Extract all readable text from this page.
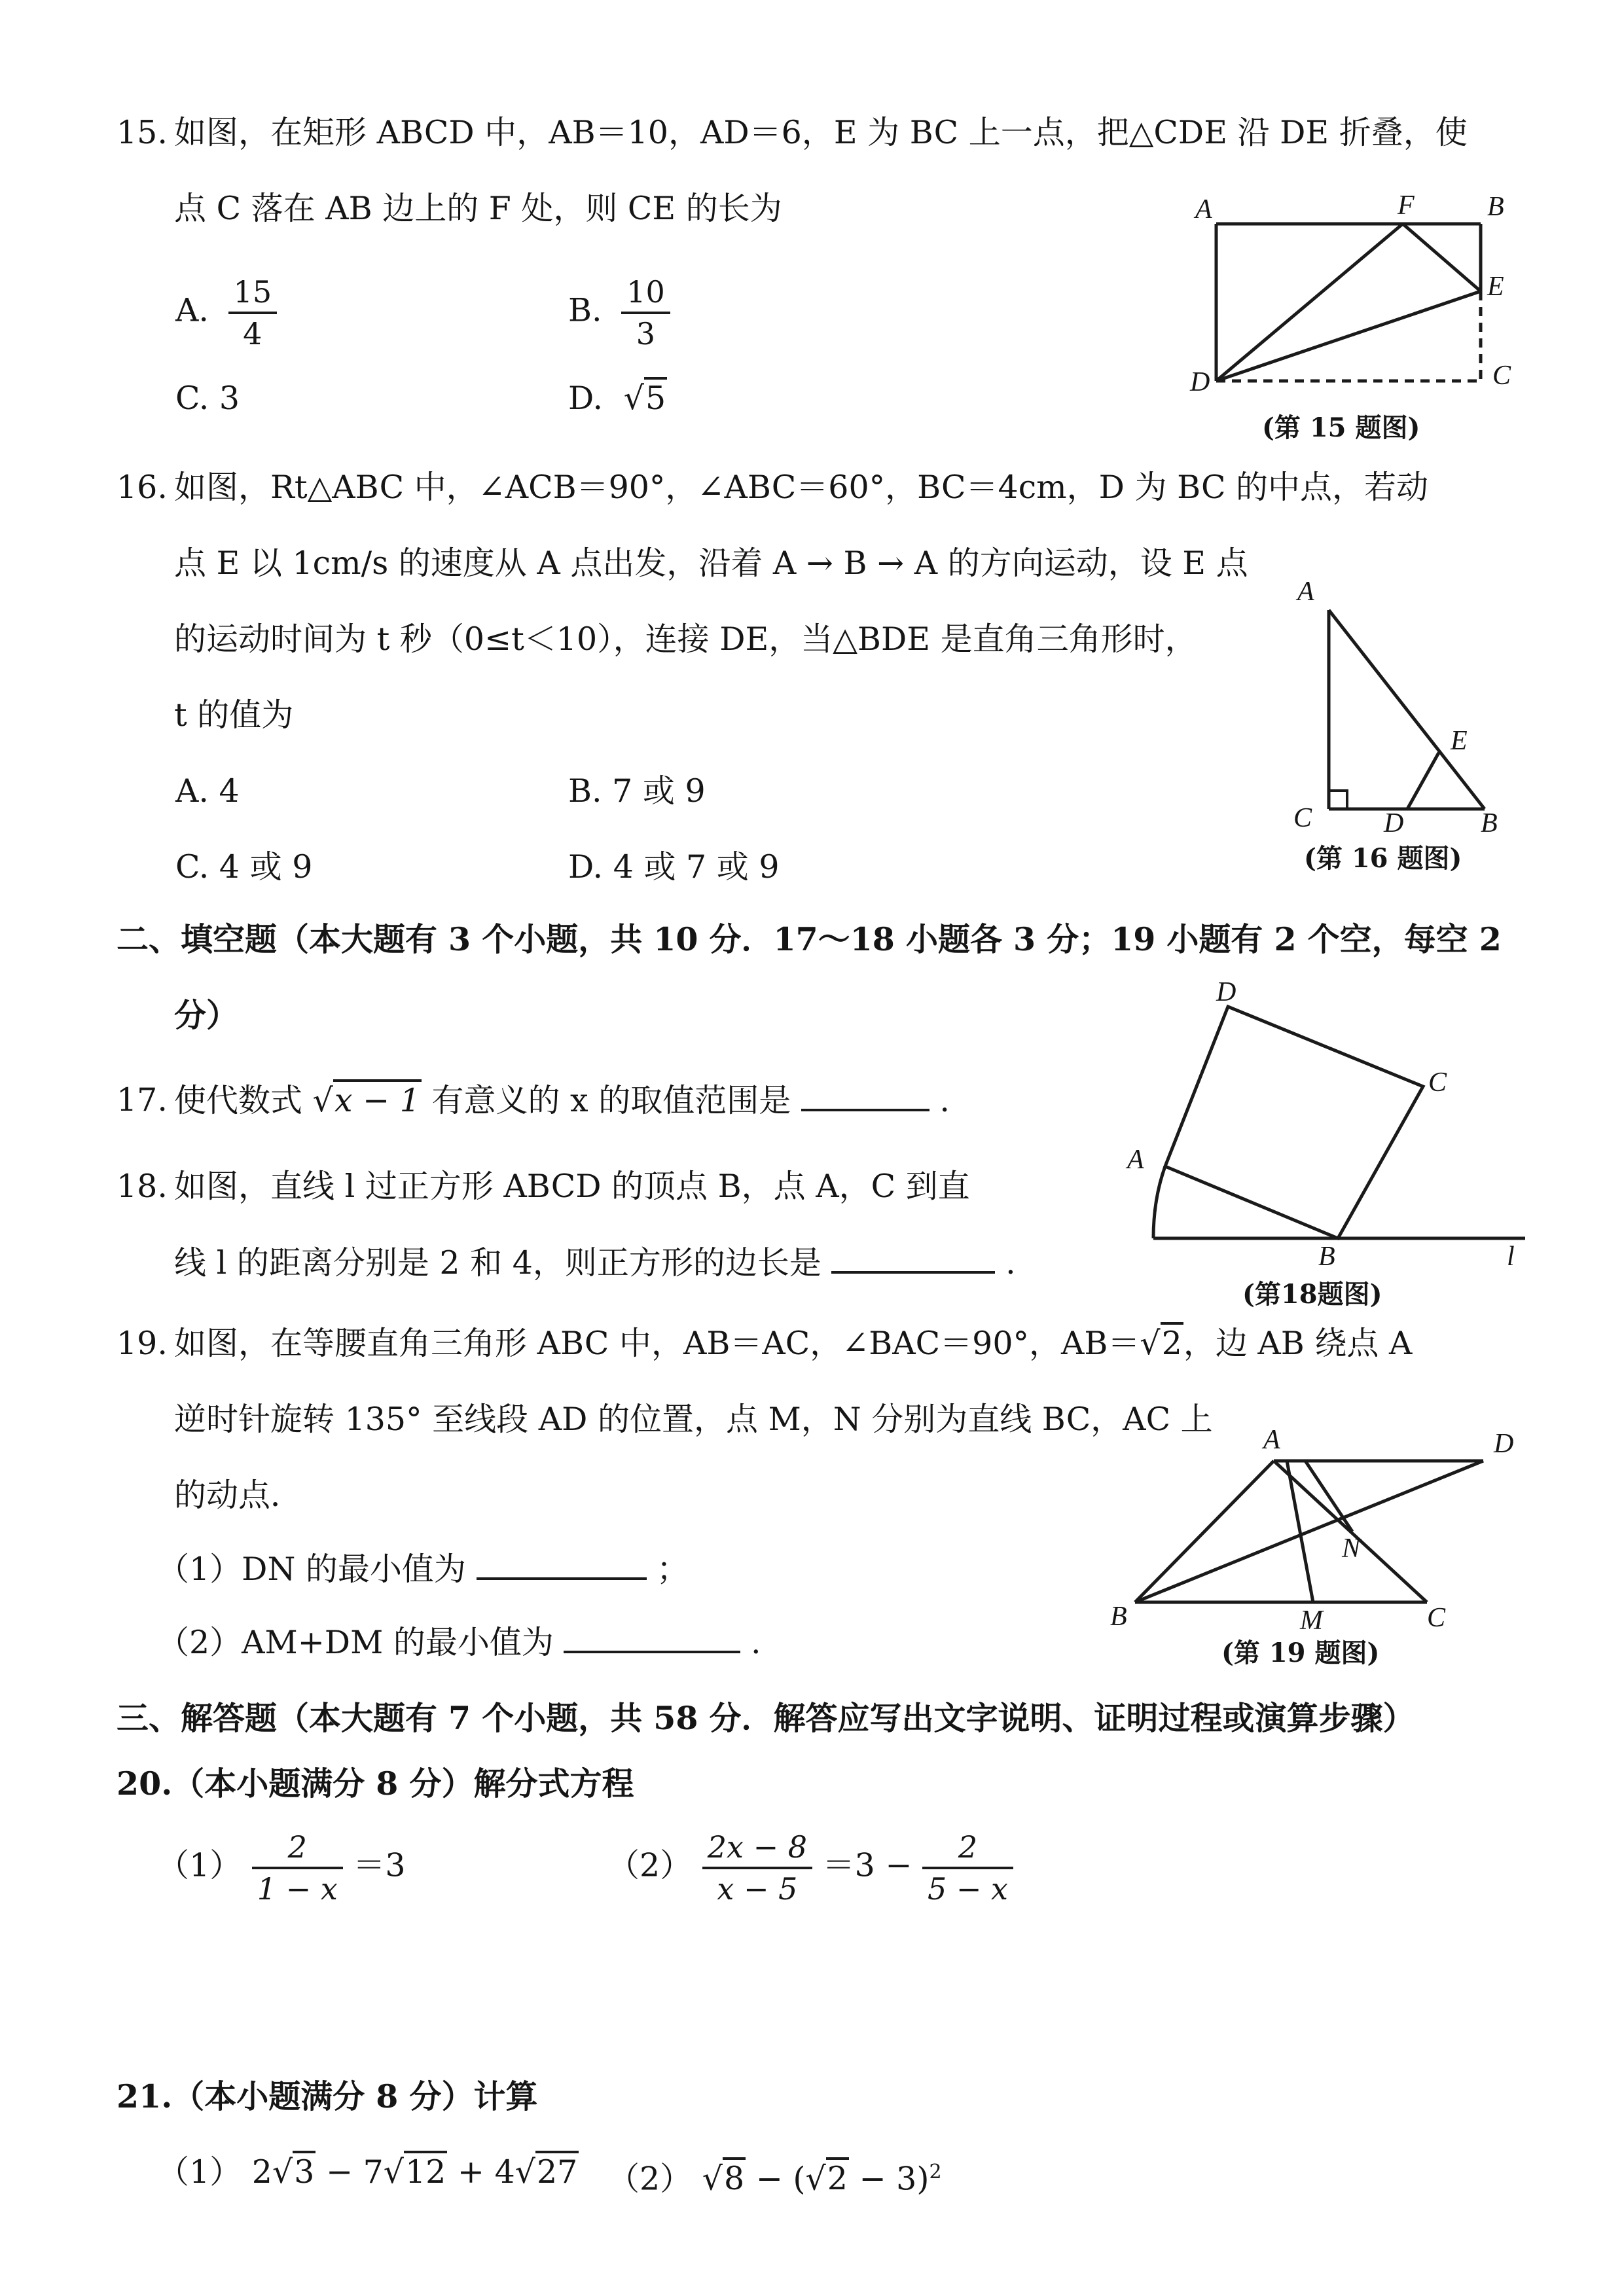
15. 如图，在矩形 ABCD 中，AB＝10，AD＝6，E 为 BC 上一点，把△CDE 沿 DE 折叠，使
点 C 落在 AB 边上的 F 处，则 CE 的长为
A. $\frac{15}{4}$	B. $\frac{10}{3}$
C. 3	D. √5
A	F	B
E
C
D
(第 15 题图)
16. 如图，Rt△ABC 中，∠ACB＝90°，∠ABC＝60°，BC＝4cm，D 为 BC 的中点，若动
点 E 以 1cm/s 的速度从 A 点出发，沿着 A → B → A 的方向运动，设 E 点
的运动时间为 t 秒（0≤t＜10），连接 DE，当△BDE 是直角三角形时，
t 的值为
A. 4	B. 7 或 9
C. 4 或 9	D. 4 或 7 或 9
A
E
C	D	B
(第 16 题图)
二、填空题（本大题有 3 个小题，共 10 分．17～18 小题各 3 分；19 小题有 2 个空，每空 2
分）
17. 使代数式 √x − 1 有意义的 x 的取值范围是	.
18. 如图，直线 l 过正方形 ABCD 的顶点 B，点 A，C 到直
线 l 的距离分别是 2 和 4，则正方形的边长是	.
D
C
A
B	l
(第18题图)
19. 如图，在等腰直角三角形 ABC 中，AB＝AC，∠BAC＝90°，AB＝√2，边 AB 绕点 A
逆时针旋转 135° 至线段 AD 的位置，点 M，N 分别为直线 BC，AC 上
的动点．
（1）DN 的最小值为	；
（2）AM+DM 的最小值为	.
A	D
N
B	M	C
(第 19 题图)
三、解答题（本大题有 7 个小题，共 58 分．解答应写出文字说明、证明过程或演算步骤）
20.（本小题满分 8 分）解分式方程
$(1) \frac{2}{1 - x} =3$	$(2) \frac{2x - 8}{x - 5} =3 - \frac{2}{5 - x}$
21.（本小题满分 8 分）计算
（1） 2√3 − 7√12 + 4√27 （2） $√8 - (√2 - 3)^2$
